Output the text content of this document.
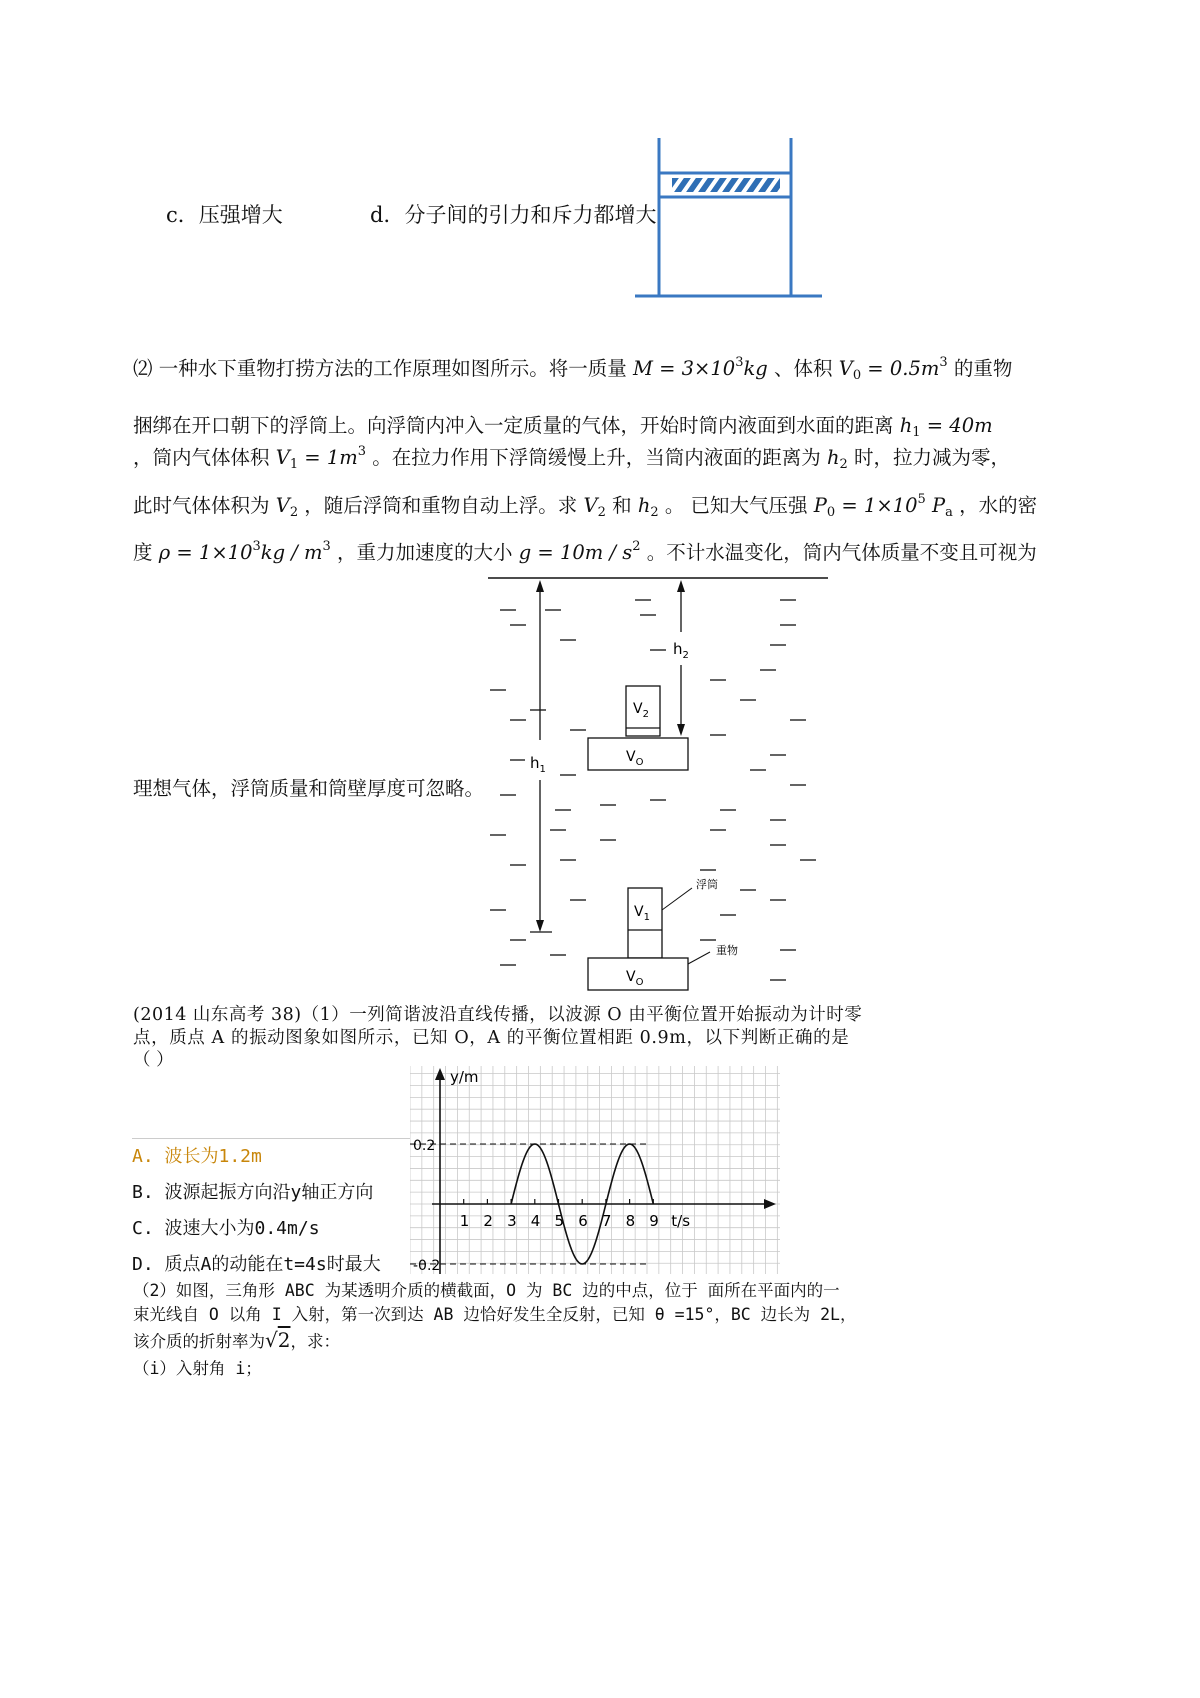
c．压强增大	d．分子间的引力和斥力都增大
⑵ 一种水下重物打捞方法的工作原理如图所示。将一质量 $M = 3\times 10^3kg$ 、体积 $V_0 = 0.5m^3$ 的重物
捆绑在开口朝下的浮筒上。向浮筒内冲入一定质量的气体，开始时筒内液面到水面的距离 $h_1 = 40m$
，筒内气体体积 $V_1 = 1m^3$ 。在拉力作用下浮筒缓慢上升，当筒内液面的距离为 $h_2$ 时，拉力减为零，
此时气体体积为 $V_2$ ，随后浮筒和重物自动上浮。求 $V_2$ 和 $h_2$ 。 已知大气压强 $P_0 = 1\times 10^5$ $P_a$ ，水的密
度 $\rho = 1\times 10^3kg / m^3$ ，重力加速度的大小 $g = 10m / s^2$ 。不计水温变化，筒内气体质量不变且可视为
理想气体，浮筒质量和筒壁厚度可忽略。
$h_2$
$h_1$
$V_2$
$V_O$
$V_1$
$V_O$
浮筒
重物
(2014 山东高考 38)（1）一列简谐波沿直线传播，以波源 O 由平衡位置开始振动为计时零
点，质点 A 的振动图象如图所示，已知 O，A 的平衡位置相距 0.9m，以下判断正确的是
（ ）
A. 波长为1.2m
B. 波源起振方向沿y轴正方向
C. 波速大小为0.4m/s
D. 质点A的动能在t=4s时最大
y/m
t/s
0.2
-0.2
1 2 3 4 5 6 7 8 9
（2）如图，三角形 ABC 为某透明介质的横截面，O 为 BC 边的中点，位于 面所在平面内的一
束光线自 O 以角 I 入射，第一次到达 AB 边恰好发生全反射，已知 θ =15°，BC 边长为 2L，
该介质的折射率为√2，求：
（i）入射角 i；
